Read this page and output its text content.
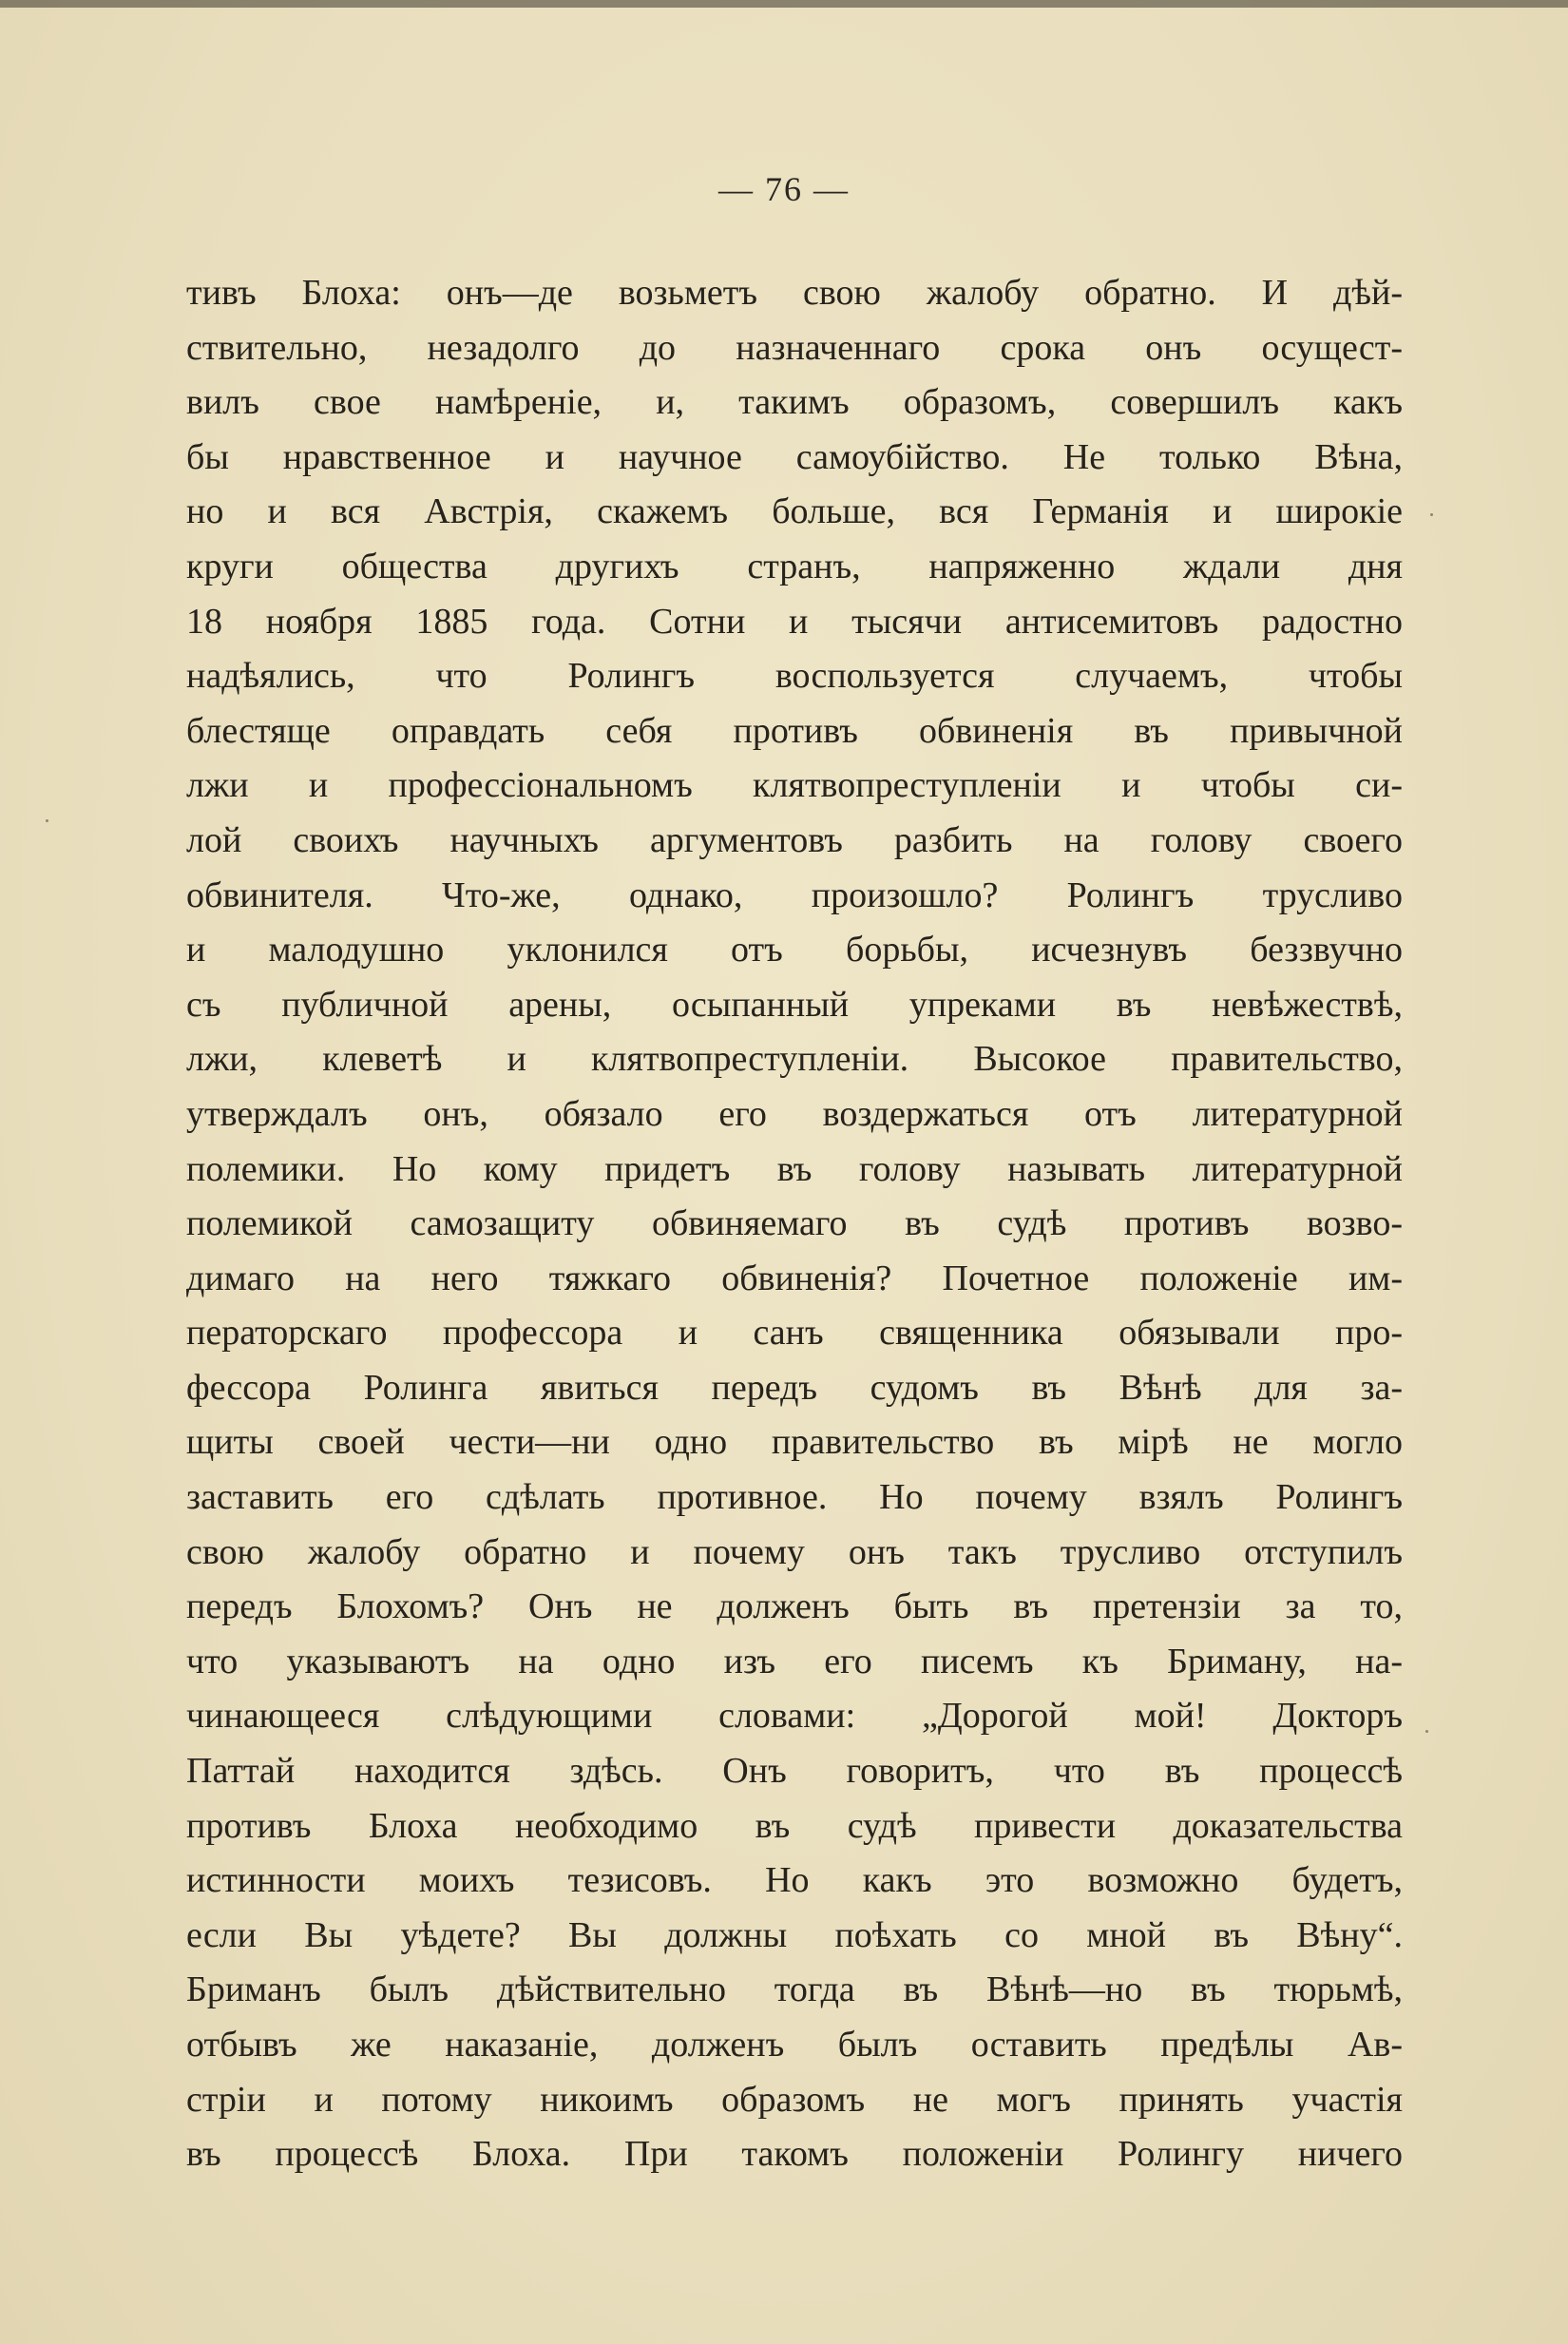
— 76 —
тивъ Блоха: онъ—де возьметъ свою жалобу обратно. И дѣй-
ствительно, незадолго до назначеннаго срока онъ осущест-
вилъ свое намѣреніе, и, такимъ образомъ, совершилъ какъ
бы нравственное и научное самоубійство. Не только Вѣна,
но и вся Австрія, скажемъ больше, вся Германія и широкіе
круги общества другихъ странъ, напряженно ждали дня
18 ноября 1885 года. Сотни и тысячи антисемитовъ радостно
надѣялись, что Ролингъ воспользуется случаемъ, чтобы
блестяще оправдать себя противъ обвиненія въ привычной
лжи и профессіональномъ клятвопреступленіи и чтобы си-
лой своихъ научныхъ аргументовъ разбить на голову своего
обвинителя. Что-же, однако, произошло? Ролингъ трусливо
и малодушно уклонился отъ борьбы, исчезнувъ беззвучно
съ публичной арены, осыпанный упреками въ невѣжествѣ,
лжи, клеветѣ и клятвопреступленіи. Высокое правительство,
утверждалъ онъ, обязало его воздержаться отъ литературной
полемики. Но кому придетъ въ голову называть литературной
полемикой самозащиту обвиняемаго въ судѣ противъ возво-
димаго на него тяжкаго обвиненія? Почетное положеніе им-
ператорскаго профессора и санъ священника обязывали про-
фессора Ролинга явиться передъ судомъ въ Вѣнѣ для за-
щиты своей чести—ни одно правительство въ мірѣ не могло
заставить его сдѣлать противное. Но почему взялъ Ролингъ
свою жалобу обратно и почему онъ такъ трусливо отступилъ
передъ Блохомъ? Онъ не долженъ быть въ претензіи за то,
что указываютъ на одно изъ его писемъ къ Бриману, на-
чинающееся слѣдующими словами: „Дорогой мой! Докторъ
Паттай находится здѣсь. Онъ говоритъ, что въ процессѣ
противъ Блоха необходимо въ судѣ привести доказательства
истинности моихъ тезисовъ. Но какъ это возможно будетъ,
если Вы уѣдете? Вы должны поѣхать со мной въ Вѣну“.
Бриманъ былъ дѣйствительно тогда въ Вѣнѣ—но въ тюрьмѣ,
отбывъ же наказаніе, долженъ былъ оставить предѣлы Ав-
стріи и потому никоимъ образомъ не могъ принять участія
въ процессѣ Блоха. При такомъ положеніи Ролингу ничего
